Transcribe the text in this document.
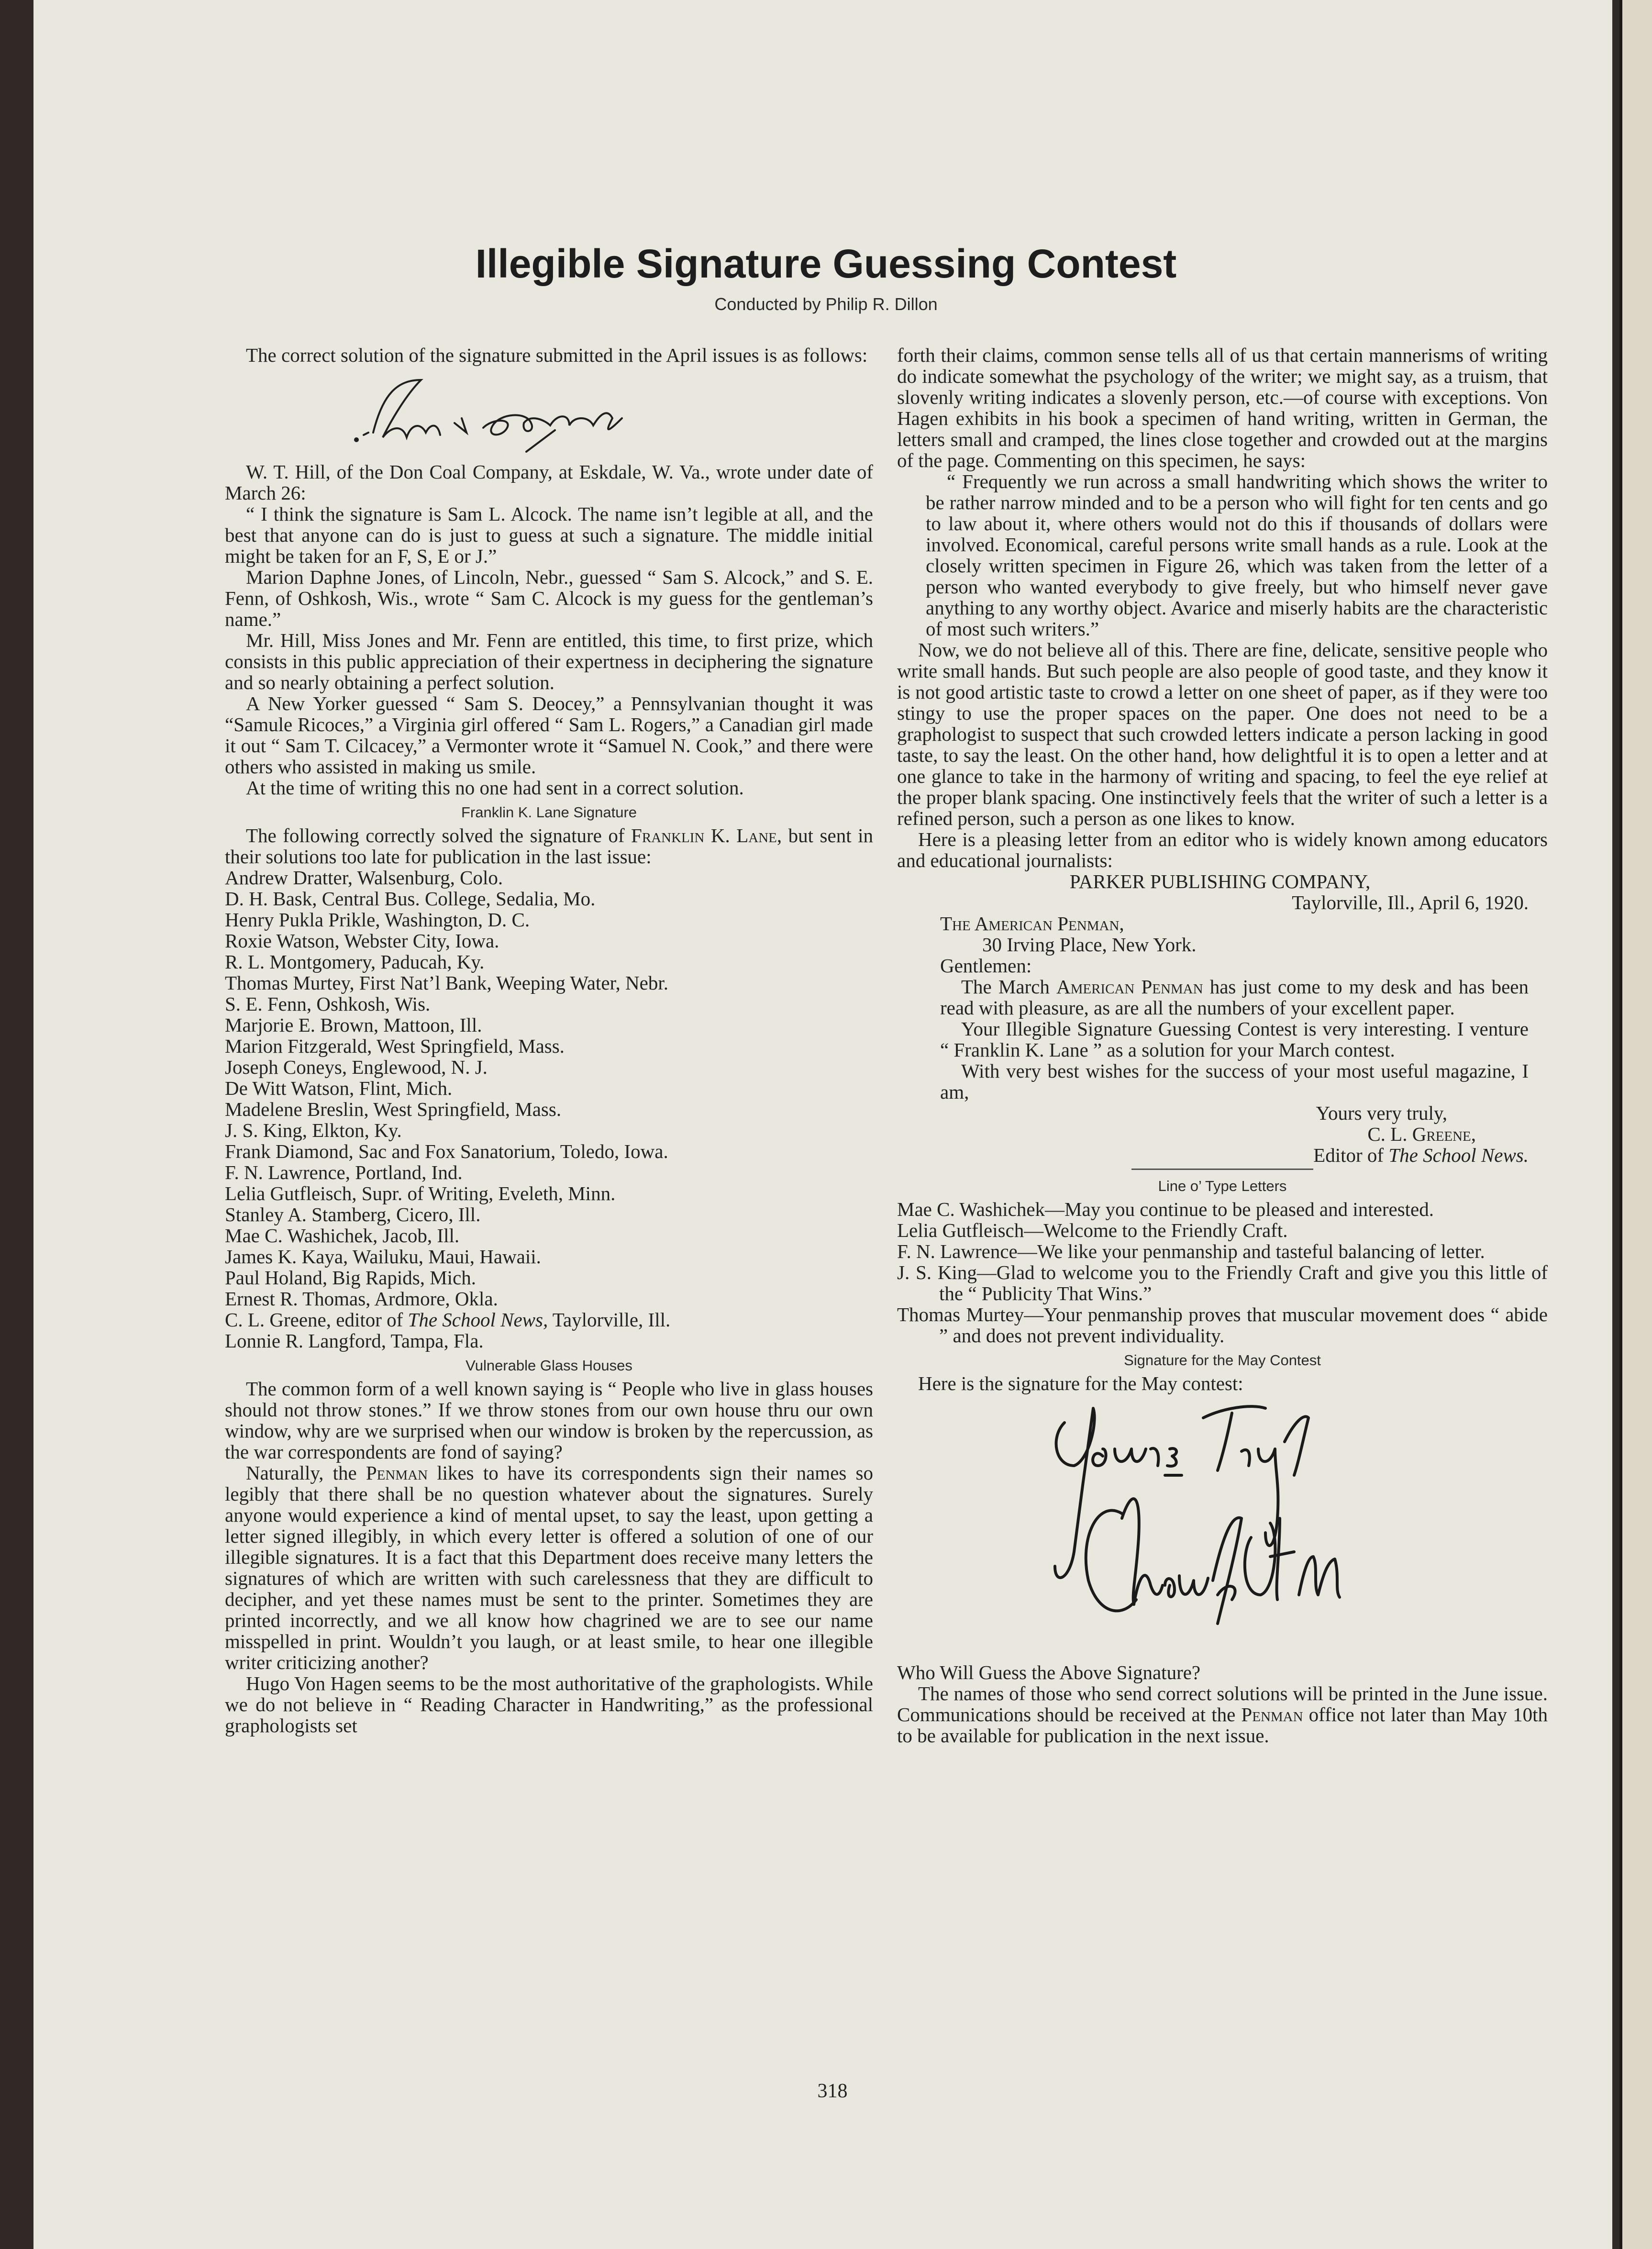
Illegible Signature Guessing Contest

Conducted by Philip R. Dillon

The correct solution of the signature submitted in the April issues is as follows:

W. T. Hill, of the Don Coal Company, at Eskdale, W. Va., wrote under date of March 26:

“ I think the signature is Sam L. Alcock. The name isn’t legible at all, and the best that anyone can do is just to guess at such a signature. The middle initial might be taken for an F, S, E or J.”

Marion Daphne Jones, of Lincoln, Nebr., guessed “ Sam S. Alcock,” and S. E. Fenn, of Oshkosh, Wis., wrote “ Sam C. Alcock is my guess for the gentleman’s name.”

Mr. Hill, Miss Jones and Mr. Fenn are entitled, this time, to first prize, which consists in this public appreciation of their expertness in deciphering the signature and so nearly obtaining a perfect solution.

A New Yorker guessed “ Sam S. Deocey,” a Pennsylvanian thought it was “Samule Ricoces,” a Virginia girl offered “ Sam L. Rogers,” a Canadian girl made it out “ Sam T. Cilcacey,” a Vermonter wrote it “Samuel N. Cook,” and there were others who assisted in making us smile.

At the time of writing this no one had sent in a correct solution.

Franklin K. Lane Signature

The following correctly solved the signature of Franklin K. Lane, but sent in their solutions too late for publication in the last issue:

Andrew Dratter, Walsenburg, Colo.

D. H. Bask, Central Bus. College, Sedalia, Mo.

Henry Pukla Prikle, Washington, D. C.

Roxie Watson, Webster City, Iowa.

R. L. Montgomery, Paducah, Ky.

Thomas Murtey, First Nat’l Bank, Weeping Water, Nebr.

S. E. Fenn, Oshkosh, Wis.

Marjorie E. Brown, Mattoon, Ill.

Marion Fitzgerald, West Springfield, Mass.

Joseph Coneys, Englewood, N. J.

De Witt Watson, Flint, Mich.

Madelene Breslin, West Springfield, Mass.

J. S. King, Elkton, Ky.

Frank Diamond, Sac and Fox Sanatorium, Toledo, Iowa.

F. N. Lawrence, Portland, Ind.

Lelia Gutfleisch, Supr. of Writing, Eveleth, Minn.

Stanley A. Stamberg, Cicero, Ill.

Mae C. Washichek, Jacob, Ill.

James K. Kaya, Wailuku, Maui, Hawaii.

Paul Holand, Big Rapids, Mich.

Ernest R. Thomas, Ardmore, Okla.

C. L. Greene, editor of The School News, Taylorville, Ill.

Lonnie R. Langford, Tampa, Fla.

Vulnerable Glass Houses

The common form of a well known saying is “ People who live in glass houses should not throw stones.” If we throw stones from our own house thru our own window, why are we surprised when our window is broken by the repercussion, as the war correspondents are fond of saying?

Naturally, the Penman likes to have its correspondents sign their names so legibly that there shall be no question whatever about the signatures. Surely anyone would experience a kind of mental upset, to say the least, upon getting a letter signed illegibly, in which every letter is offered a solution of one of our illegible signatures. It is a fact that this Department does receive many letters the signatures of which are written with such carelessness that they are difficult to decipher, and yet these names must be sent to the printer. Sometimes they are printed incorrectly, and we all know how chagrined we are to see our name misspelled in print. Wouldn’t you laugh, or at least smile, to hear one illegible writer criticizing another?

Hugo Von Hagen seems to be the most authoritative of the graphologists. While we do not believe in “ Reading Character in Handwriting,” as the professional graphologists set

forth their claims, common sense tells all of us that certain mannerisms of writing do indicate somewhat the psychology of the writer; we might say, as a truism, that slovenly writing indicates a slovenly person, etc.—of course with exceptions. Von Hagen exhibits in his book a specimen of hand writing, written in German, the letters small and cramped, the lines close together and crowded out at the margins of the page. Commenting on this specimen, he says:

“ Frequently we run across a small handwriting which shows the writer to be rather narrow minded and to be a person who will fight for ten cents and go to law about it, where others would not do this if thousands of dollars were involved. Economical, careful persons write small hands as a rule. Look at the closely written specimen in Figure 26, which was taken from the letter of a person who wanted everybody to give freely, but who himself never gave anything to any worthy object. Avarice and miserly habits are the characteristic of most such writers.”

Now, we do not believe all of this. There are fine, delicate, sensitive people who write small hands. But such people are also people of good taste, and they know it is not good artistic taste to crowd a letter on one sheet of paper, as if they were too stingy to use the proper spaces on the paper. One does not need to be a graphologist to suspect that such crowded letters indicate a person lacking in good taste, to say the least. On the other hand, how delightful it is to open a letter and at one glance to take in the harmony of writing and spacing, to feel the eye relief at the proper blank spacing. One instinctively feels that the writer of such a letter is a refined person, such a person as one likes to know.

Here is a pleasing letter from an editor who is widely known among educators and educational journalists:

PARKER PUBLISHING COMPANY,

Taylorville, Ill., April 6, 1920.

The American Penman,

30 Irving Place, New York.

Gentlemen:

The March American Penman has just come to my desk and has been read with pleasure, as are all the numbers of your excellent paper.

Your Illegible Signature Guessing Contest is very interesting. I venture “ Franklin K. Lane ” as a solution for your March contest.

With very best wishes for the success of your most useful magazine, I am,

Yours very truly,

C. L. Greene,

Editor of The School News.

Line o’ Type Letters

Mae C. Washichek—May you continue to be pleased and interested.

Lelia Gutfleisch—Welcome to the Friendly Craft.

F. N. Lawrence—We like your penmanship and tasteful balancing of letter.

J. S. King—Glad to welcome you to the Friendly Craft and give you this little of the “ Publicity That Wins.”

Thomas Murtey—Your penmanship proves that muscular movement does “ abide ” and does not prevent individuality.

Signature for the May Contest

Here is the signature for the May contest:

Who Will Guess the Above Signature?

The names of those who send correct solutions will be printed in the June issue. Communications should be received at the Penman office not later than May 10th to be available for publication in the next issue.

318
